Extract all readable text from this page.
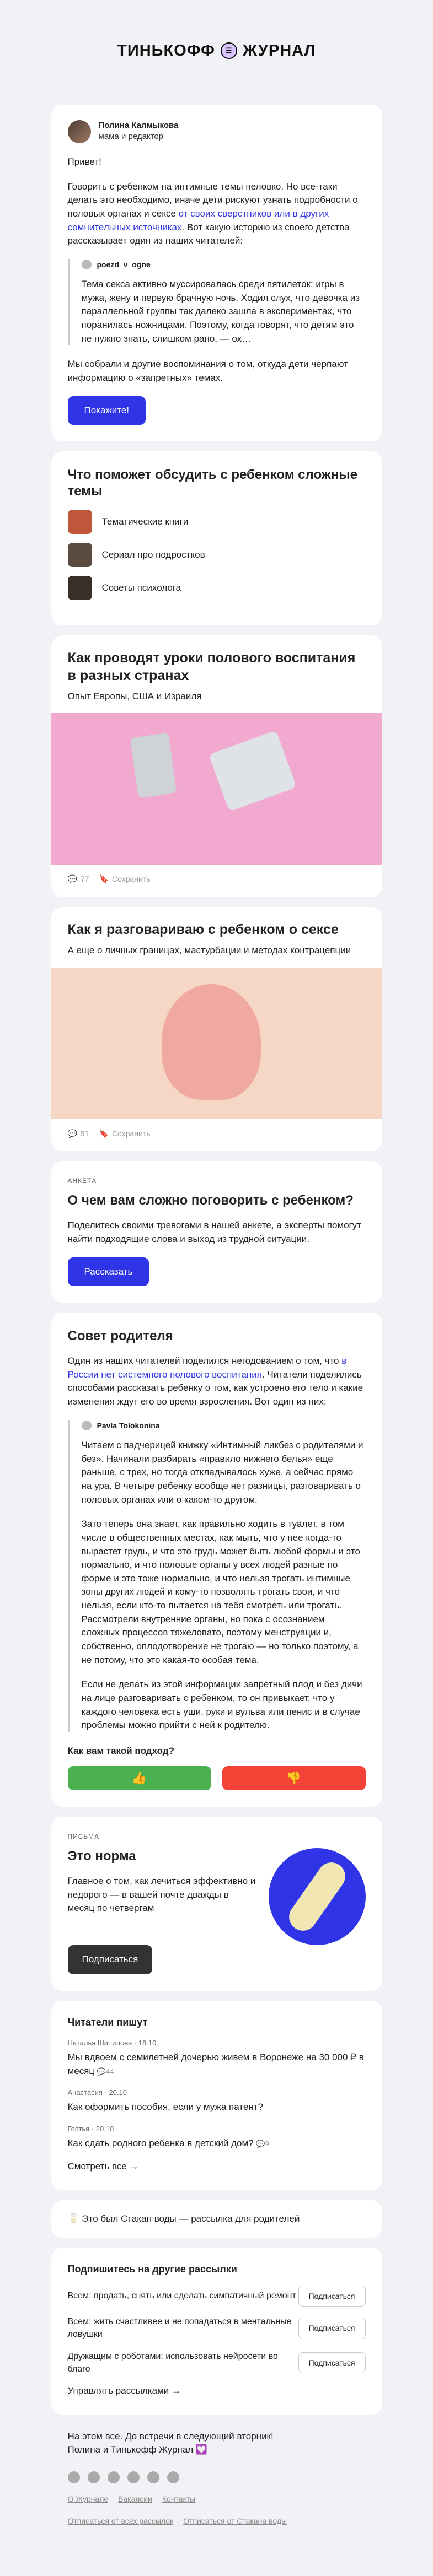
ТИНЬКОФФ	☰ ЖУРНАЛ
Полина Калмыкова
мама и редактор

Привет!

Говорить с ребенком на интимные темы неловко. Но все-таки делать это необходимо, иначе дети рискуют узнать подробности о половых органах и сексе от своих сверстников или в других сомнительных источниках. Вот какую историю из своего детства рассказывает один из наших читателей:

poezd_v_ogne
Тема секса активно муссировалась среди пятилеток: игры в мужа, жену и первую брачную ночь. Ходил слух, что девочка из параллельной группы так далеко зашла в экспериментах, что поранилась ножницами. Поэтому, когда говорят, что детям это не нужно знать, слишком рано, — ох…

Мы собрали и другие воспоминания о том, откуда дети черпают информацию о «запретных» темах.

Покажите!
Что поможет обсудить с ребенком сложные темы
Тематические книги
Сериал про подростков
Советы психолога
Как проводят уроки полового воспитания в разных странах
Опыт Европы, США и Израиля
💬 77 🔖 Сохранить
Как я разговариваю с ребенком о сексе
А еще о личных границах, мастурбации и методах контрацепции
💬 91 🔖 Сохранить
АНКЕТА
О чем вам сложно поговорить с ребенком?

Поделитесь своими тревогами в нашей анкете, а эксперты помогут найти подходящие слова и выход из трудной ситуации.

Рассказать
Совет родителя

Один из наших читателей поделился негодованием о том, что в России нет системного полового воспитания. Читатели поделились способами рассказать ребенку о том, как устроено его тело и какие изменения ждут его во время взросления. Вот один из них:

Pavla Tolokonina

Читаем с падчерицей книжку «Интимный ликбез с родителями и без». Начинали разбирать «правило нижнего белья» еще раньше, с трех, но тогда откладывалось хуже, а сейчас прямо на ура. В четыре ребенку вообще нет разницы, разговаривать о половых органах или о каком-то другом.

Зато теперь она знает, как правильно ходить в туалет, в том числе в общественных местах, как мыть, что у нее когда-то вырастет грудь, и что это грудь может быть любой формы и это нормально, и что половые органы у всех людей разные по форме и это тоже нормально, и что нельзя трогать интимные зоны других людей и кому-то позволять трогать свои, и что нельзя, если кто-то пытается на тебя смотреть или трогать. Рассмотрели внутренние органы, но пока с осознанием сложных процессов тяжеловато, поэтому менструации и, собственно, оплодотворение не трогаю — но только поэтому, а не потому, что это какая-то особая тема.

Если не делать из этой информации запретный плод и без дичи на лице разговаривать с ребенком, то он привыкает, что у каждого человека есть уши, руки и вульва или пенис и в случае проблемы можно прийти с ней к родителю.

Как вам такой подход?
👍	👎
ПИСЬМА
Это норма

Главное о том, как лечиться эффективно и недорого — в вашей почте дважды в месяц по четвергам

Подписаться
Читатели пишут
Наталья Шипилова · 18.10
Мы вдвоем с семилетней дочерью живем в Воронеже на 30 000 ₽ в месяц 💬44
Анастасия · 20.10
Как оформить пособия, если у мужа патент?
Гостья · 20.10
Как сдать родного ребенка в детский дом? 💬9
Смотреть все →
🥛 Это был Стакан воды — рассылка для родителей
Подпишитесь на другие рассылки
Всем: продать, снять или сделать симпатичный ремонт	Подписаться
Всем: жить счастливее и не попадаться в ментальные ловушки
Подписаться
Дружащим с роботами: использовать нейросети во благо
Подписаться
Управлять рассылками →
На этом все. До встречи в следующий вторник!
Полина и Тинькофф Журнал 💟
О Журнале Вакансии Контакты
Отписаться от всех рассылок Отписаться от Стакана воды
